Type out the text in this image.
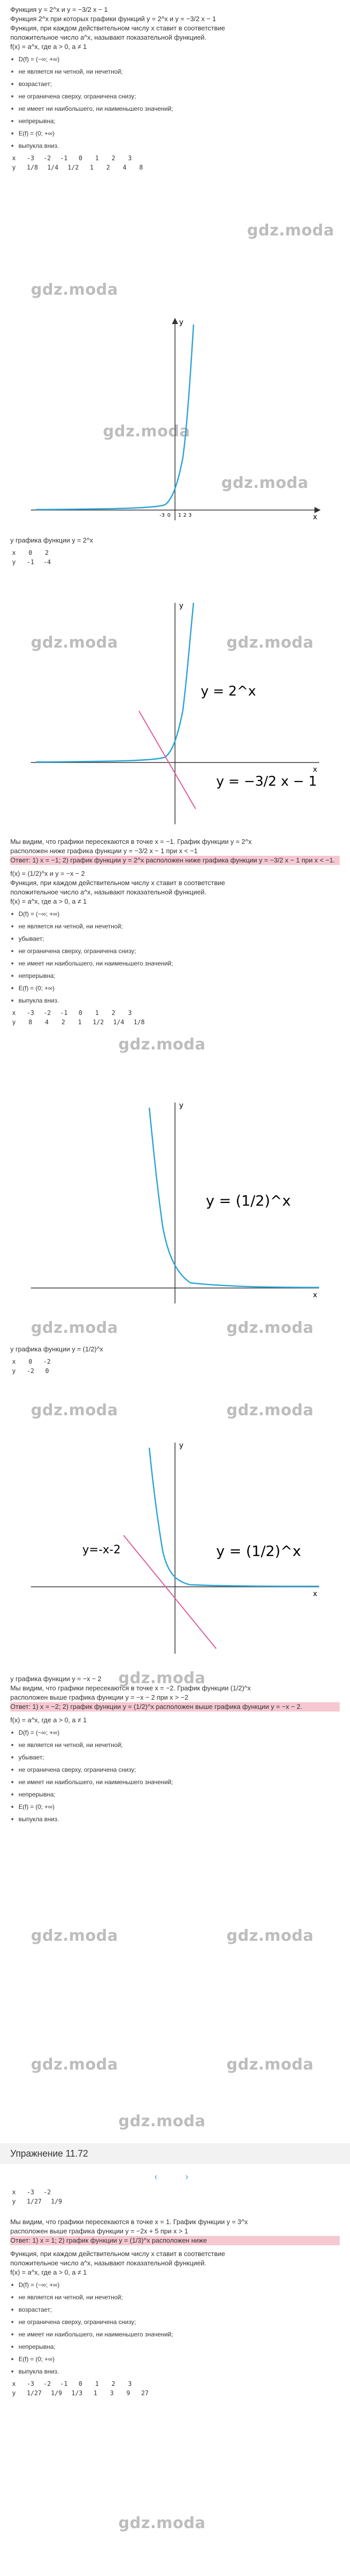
Функция y = 2^x и y = −3/2 x − 1

Функция 2^x при которых графики функций y = 2^x и y = −3/2 x − 1

Функция, при каждом действительном числу x ставит в соответствие

положительное число a^x, называют показательной функцией.

f(x) = a^x, где a > 0, a ≠ 1

D(f) = (−∞; +∞)
не является ни четной, ни нечетной;
возрастает;
не ограничена сверху, ограничена снизу;
не имеет ни наибольшего, ни наименьшего значений;
непрерывна;
E(f) = (0; +∞)
выпукла вниз.
x -3 -2 -1 0 1 2 3
y 1/8 1/4 1/2 1 2 4 8
gdz.moda
gdz.moda
gdz.moda
gdz.moda
x
y
-3 0 1 2 3

у графика функции y = 2^x

x 0 2
y -1 -4
gdz.moda	gdz.moda
x
y
y = 2^x
y = −3/2 x − 1

Мы видим, что графики пересекаются в точке x = −1. График функции y = 2^x

расположен ниже графика функции y = −3/2 x − 1 при x < −1

Ответ: 1) x = −1; 2) график функции y = 2^x расположен ниже графика функции y = −3/2 x − 1 при x < −1.

f(x) = (1/2)^x и y = −x − 2

Функция, при каждом действительном числу x ставит в соответствие

положительное число a^x, называют показательной функцией.

f(x) = a^x, где a > 0, a ≠ 1

D(f) = (−∞; +∞)
не является ни четной, ни нечетной;
убывает;
не ограничена сверху, ограничена снизу;
не имеет ни наибольшего, ни наименьшего значений;
непрерывна;
E(f) = (0; +∞)
выпукла вниз.
x -3 -2 -1 0 1 2 3
y 8 4 2 1 1/2 1/4 1/8
gdz.moda
x
y
y = (1/2)^x
gdz.moda	gdz.moda

у графика функции y = (1/2)^x

x 0 -2
y -2 0
gdz.moda	gdz.moda
x
y
y=-x-2	y = (1/2)^x
gdz.moda

у графика функции y = −x − 2

Мы видим, что графики пересекаются в точке x = −2. График функции (1/2)^x

расположен выше графика функции y = −x − 2 при x > −2

Ответ: 1) x = −2; 2) график функции y = (1/2)^x расположен выше графика функции y = −x − 2.

f(x) = a^x, где a > 0, a ≠ 1

D(f) = (−∞; +∞)
не является ни четной, ни нечетной;
убывает;
не ограничена сверху, ограничена снизу;
не имеет ни наибольшего, ни наименьшего значений;
непрерывна;
E(f) = (0; +∞)
выпукла вниз.
gdz.moda	gdz.moda
gdz.moda	gdz.moda
gdz.moda
Упражнение 11.72
‹	›
x -3 -2
y 1/27 1/9

Мы видим, что графики пересекаются в точке x = 1. График функции y = 3^x

расположен выше графика функции y = −2x + 5 при x > 1

Ответ: 1) x = 1; 2) график функции y = (1/3)^x расположен ниже

Функция, при каждом действительном числу x ставит в соответствие

положительное число a^x, называют показательной функцией.

f(x) = a^x, где a > 0, a ≠ 1

D(f) = (−∞; +∞)
не является ни четной, ни нечетной;
возрастает;
не ограничена сверху, ограничена снизу;
не имеет ни наибольшего, ни наименьшего значений;
непрерывна;
E(f) = (0; +∞)
выпукла вниз.
x -3 -2 -1 0 1 2 3
y 1/27 1/9 1/3 1 3 9 27
gdz.moda
